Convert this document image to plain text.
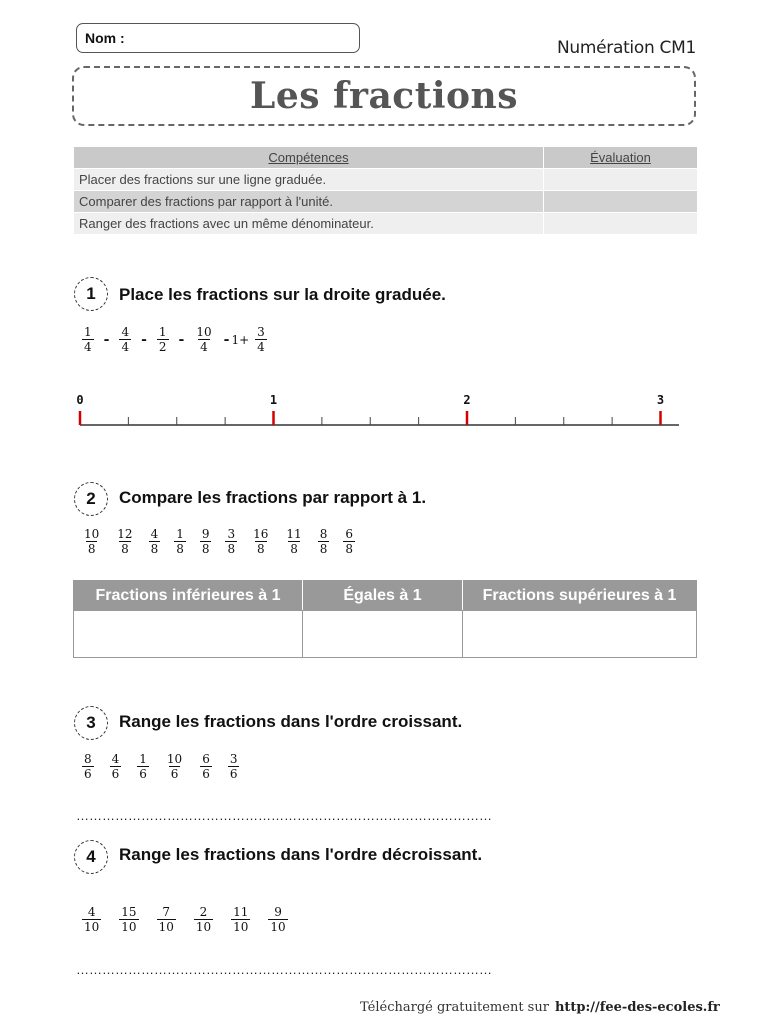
Nom :	Numération CM1
Les fractions
Compétences	Évaluation
Placer des fractions sur une ligne graduée.	
Comparer des fractions par rapport à l'unité.	
Ranger des fractions avec un même dénominateur.	
1	Place les fractions sur la droite graduée.
$\frac{1}{4} - \frac{4}{4} - \frac{1}{2} - \frac{10}{4} - 1+ \frac{3}{4}$
0	1	2	3
2	Compare les fractions par rapport à 1.
$\frac{10}{8} \frac{12}{8} \frac{4}{8} \frac{1}{8} \frac{9}{8} \frac{3}{8} \frac{16}{8} \frac{11}{8} \frac{8}{8} \frac{6}{8}$
Fractions inférieures à 1	Égales à 1	Fractions supérieures à 1

3	Range les fractions dans l'ordre croissant.
$\frac{8}{6} \frac{4}{6} \frac{1}{6} \frac{10}{6} \frac{6}{6} \frac{3}{6}$
……………………………………………………………………………………
4	Range les fractions dans l'ordre décroissant.
$\frac{4}{10} \frac{15}{10} \frac{7}{10} \frac{2}{10} \frac{11}{10} \frac{9}{10}$
……………………………………………………………………………………
Téléchargé gratuitement sur http://fee-des-ecoles.fr
